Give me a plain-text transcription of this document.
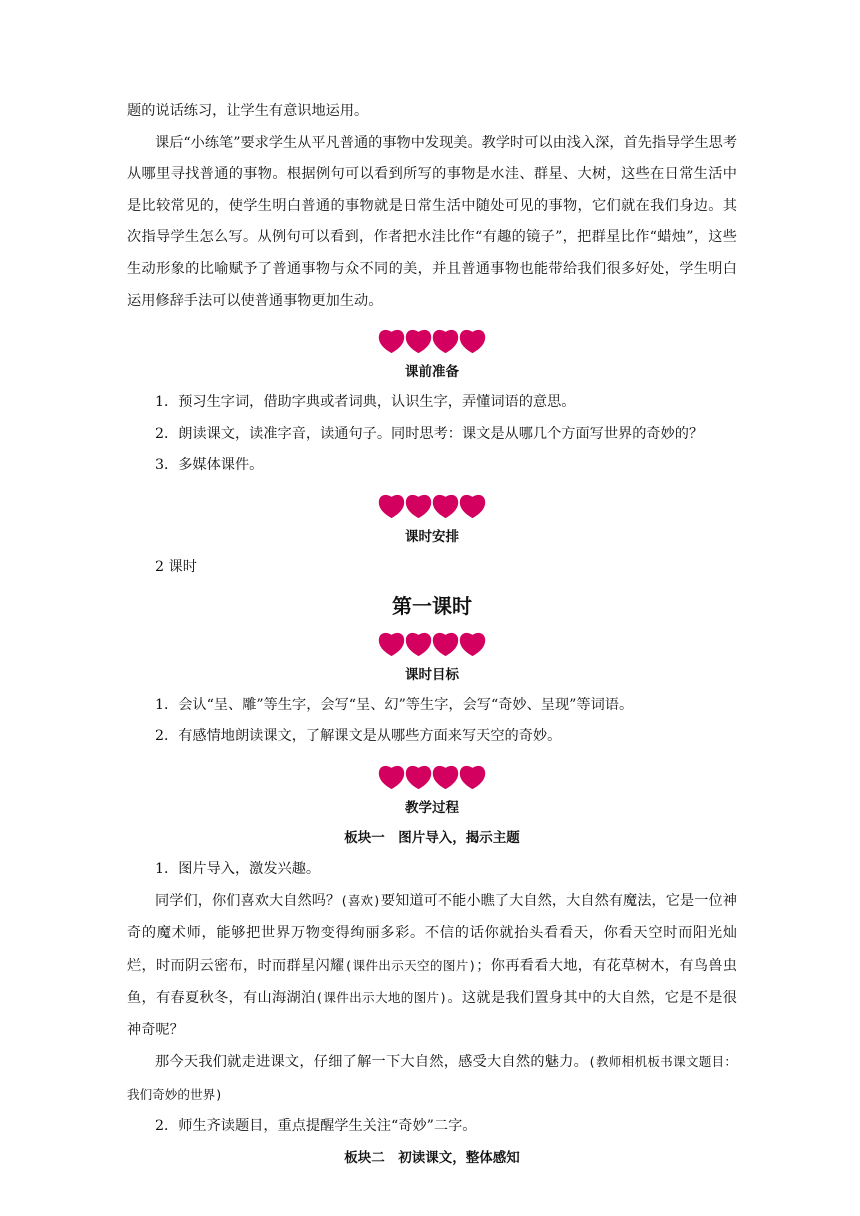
题的说话练习，让学生有意识地运用。

课后“小练笔”要求学生从平凡普通的事物中发现美。教学时可以由浅入深，首先指导学生思考从哪里寻找普通的事物。根据例句可以看到所写的事物是水洼、群星、大树，这些在日常生活中是比较常见的，使学生明白普通的事物就是日常生活中随处可见的事物，它们就在我们身边。其次指导学生怎么写。从例句可以看到，作者把水洼比作“有趣的镜子”，把群星比作“蜡烛”，这些生动形象的比喻赋予了普通事物与众不同的美，并且普通事物也能带给我们很多好处，学生明白运用修辞手法可以使普通事物更加生动。

课前准备

1．预习生字词，借助字典或者词典，认识生字，弄懂词语的意思。

2．朗读课文，读准字音，读通句子。同时思考：课文是从哪几个方面写世界的奇妙的？

3．多媒体课件。

课时安排

2 课时

第一课时
课时目标

1．会认“呈、雕”等生字，会写“呈、幻”等生字，会写“奇妙、呈现”等词语。

2．有感情地朗读课文，了解课文是从哪些方面来写天空的奇妙。

教学过程
板块一　图片导入，揭示主题

1．图片导入，激发兴趣。

同学们，你们喜欢大自然吗？(喜欢)要知道可不能小瞧了大自然，大自然有魔法，它是一位神奇的魔术师，能够把世界万物变得绚丽多彩。不信的话你就抬头看看天，你看天空时而阳光灿烂，时而阴云密布，时而群星闪耀(课件出示天空的图片)；你再看看大地，有花草树木，有鸟兽虫鱼，有春夏秋冬，有山海湖泊(课件出示大地的图片)。这就是我们置身其中的大自然，它是不是很神奇呢？

那今天我们就走进课文，仔细了解一下大自然，感受大自然的魅力。(教师相机板书课文题目：我们奇妙的世界)

2．师生齐读题目，重点提醒学生关注“奇妙”二字。

板块二　初读课文，整体感知
